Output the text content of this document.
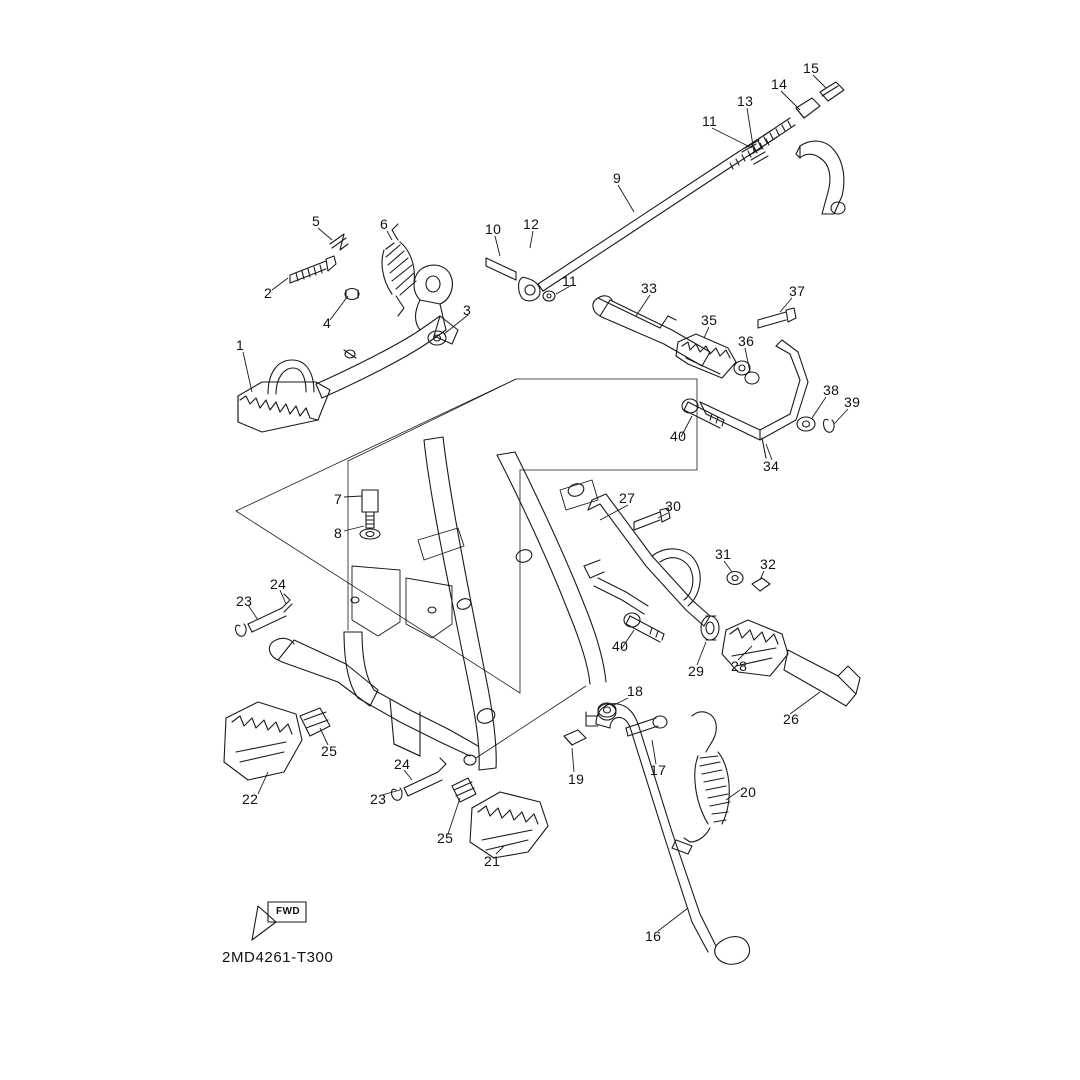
1
2
3
4
5	6
7
8
9
10
11
11
12
13
14
15
16
17
18
19
20
21
22
23
23
24
24
25
25
26
27
28
29
30
31
32
33
34
35
36
37
38
39
40
40
FWD
2MD4261-T300
